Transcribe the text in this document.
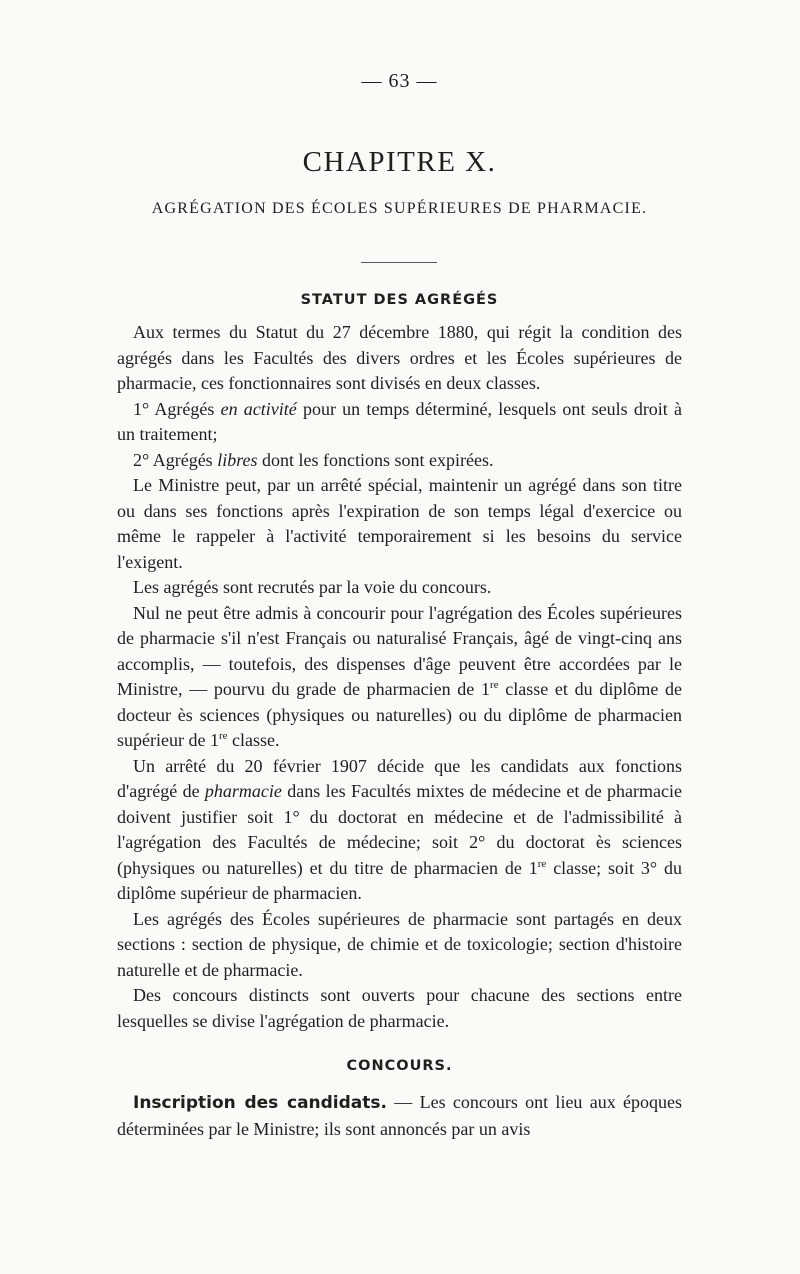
— 63 —
CHAPITRE X.
AGRÉGATION DES ÉCOLES SUPÉRIEURES DE PHARMACIE.
STATUT DES AGRÉGÉS

Aux termes du Statut du 27 décembre 1880, qui régit la condition des agrégés dans les Facultés des divers ordres et les Écoles supérieures de pharmacie, ces fonctionnaires sont divisés en deux classes.

1° Agrégés en activité pour un temps déterminé, lesquels ont seuls droit à un traitement;

2° Agrégés libres dont les fonctions sont expirées.

Le Ministre peut, par un arrêté spécial, maintenir un agrégé dans son titre ou dans ses fonctions après l'expiration de son temps légal d'exercice ou même le rappeler à l'activité temporairement si les besoins du service l'exigent.

Les agrégés sont recrutés par la voie du concours.

Nul ne peut être admis à concourir pour l'agrégation des Écoles supérieures de pharmacie s'il n'est Français ou naturalisé Français, âgé de vingt-cinq ans accomplis, — toutefois, des dispenses d'âge peuvent être accordées par le Ministre, — pourvu du grade de pharmacien de 1re classe et du diplôme de docteur ès sciences (physiques ou naturelles) ou du diplôme de pharmacien supérieur de 1re classe.

Un arrêté du 20 février 1907 décide que les candidats aux fonctions d'agrégé de pharmacie dans les Facultés mixtes de médecine et de pharmacie doivent justifier soit 1° du doctorat en médecine et de l'admissibilité à l'agrégation des Facultés de médecine; soit 2° du doctorat ès sciences (physiques ou naturelles) et du titre de pharmacien de 1re classe; soit 3° du diplôme supérieur de pharmacien.

Les agrégés des Écoles supérieures de pharmacie sont partagés en deux sections : section de physique, de chimie et de toxicologie; section d'histoire naturelle et de pharmacie.

Des concours distincts sont ouverts pour chacune des sections entre lesquelles se divise l'agrégation de pharmacie.

CONCOURS.

Inscription des candidats. — Les concours ont lieu aux époques déterminées par le Ministre; ils sont annoncés par un avis
